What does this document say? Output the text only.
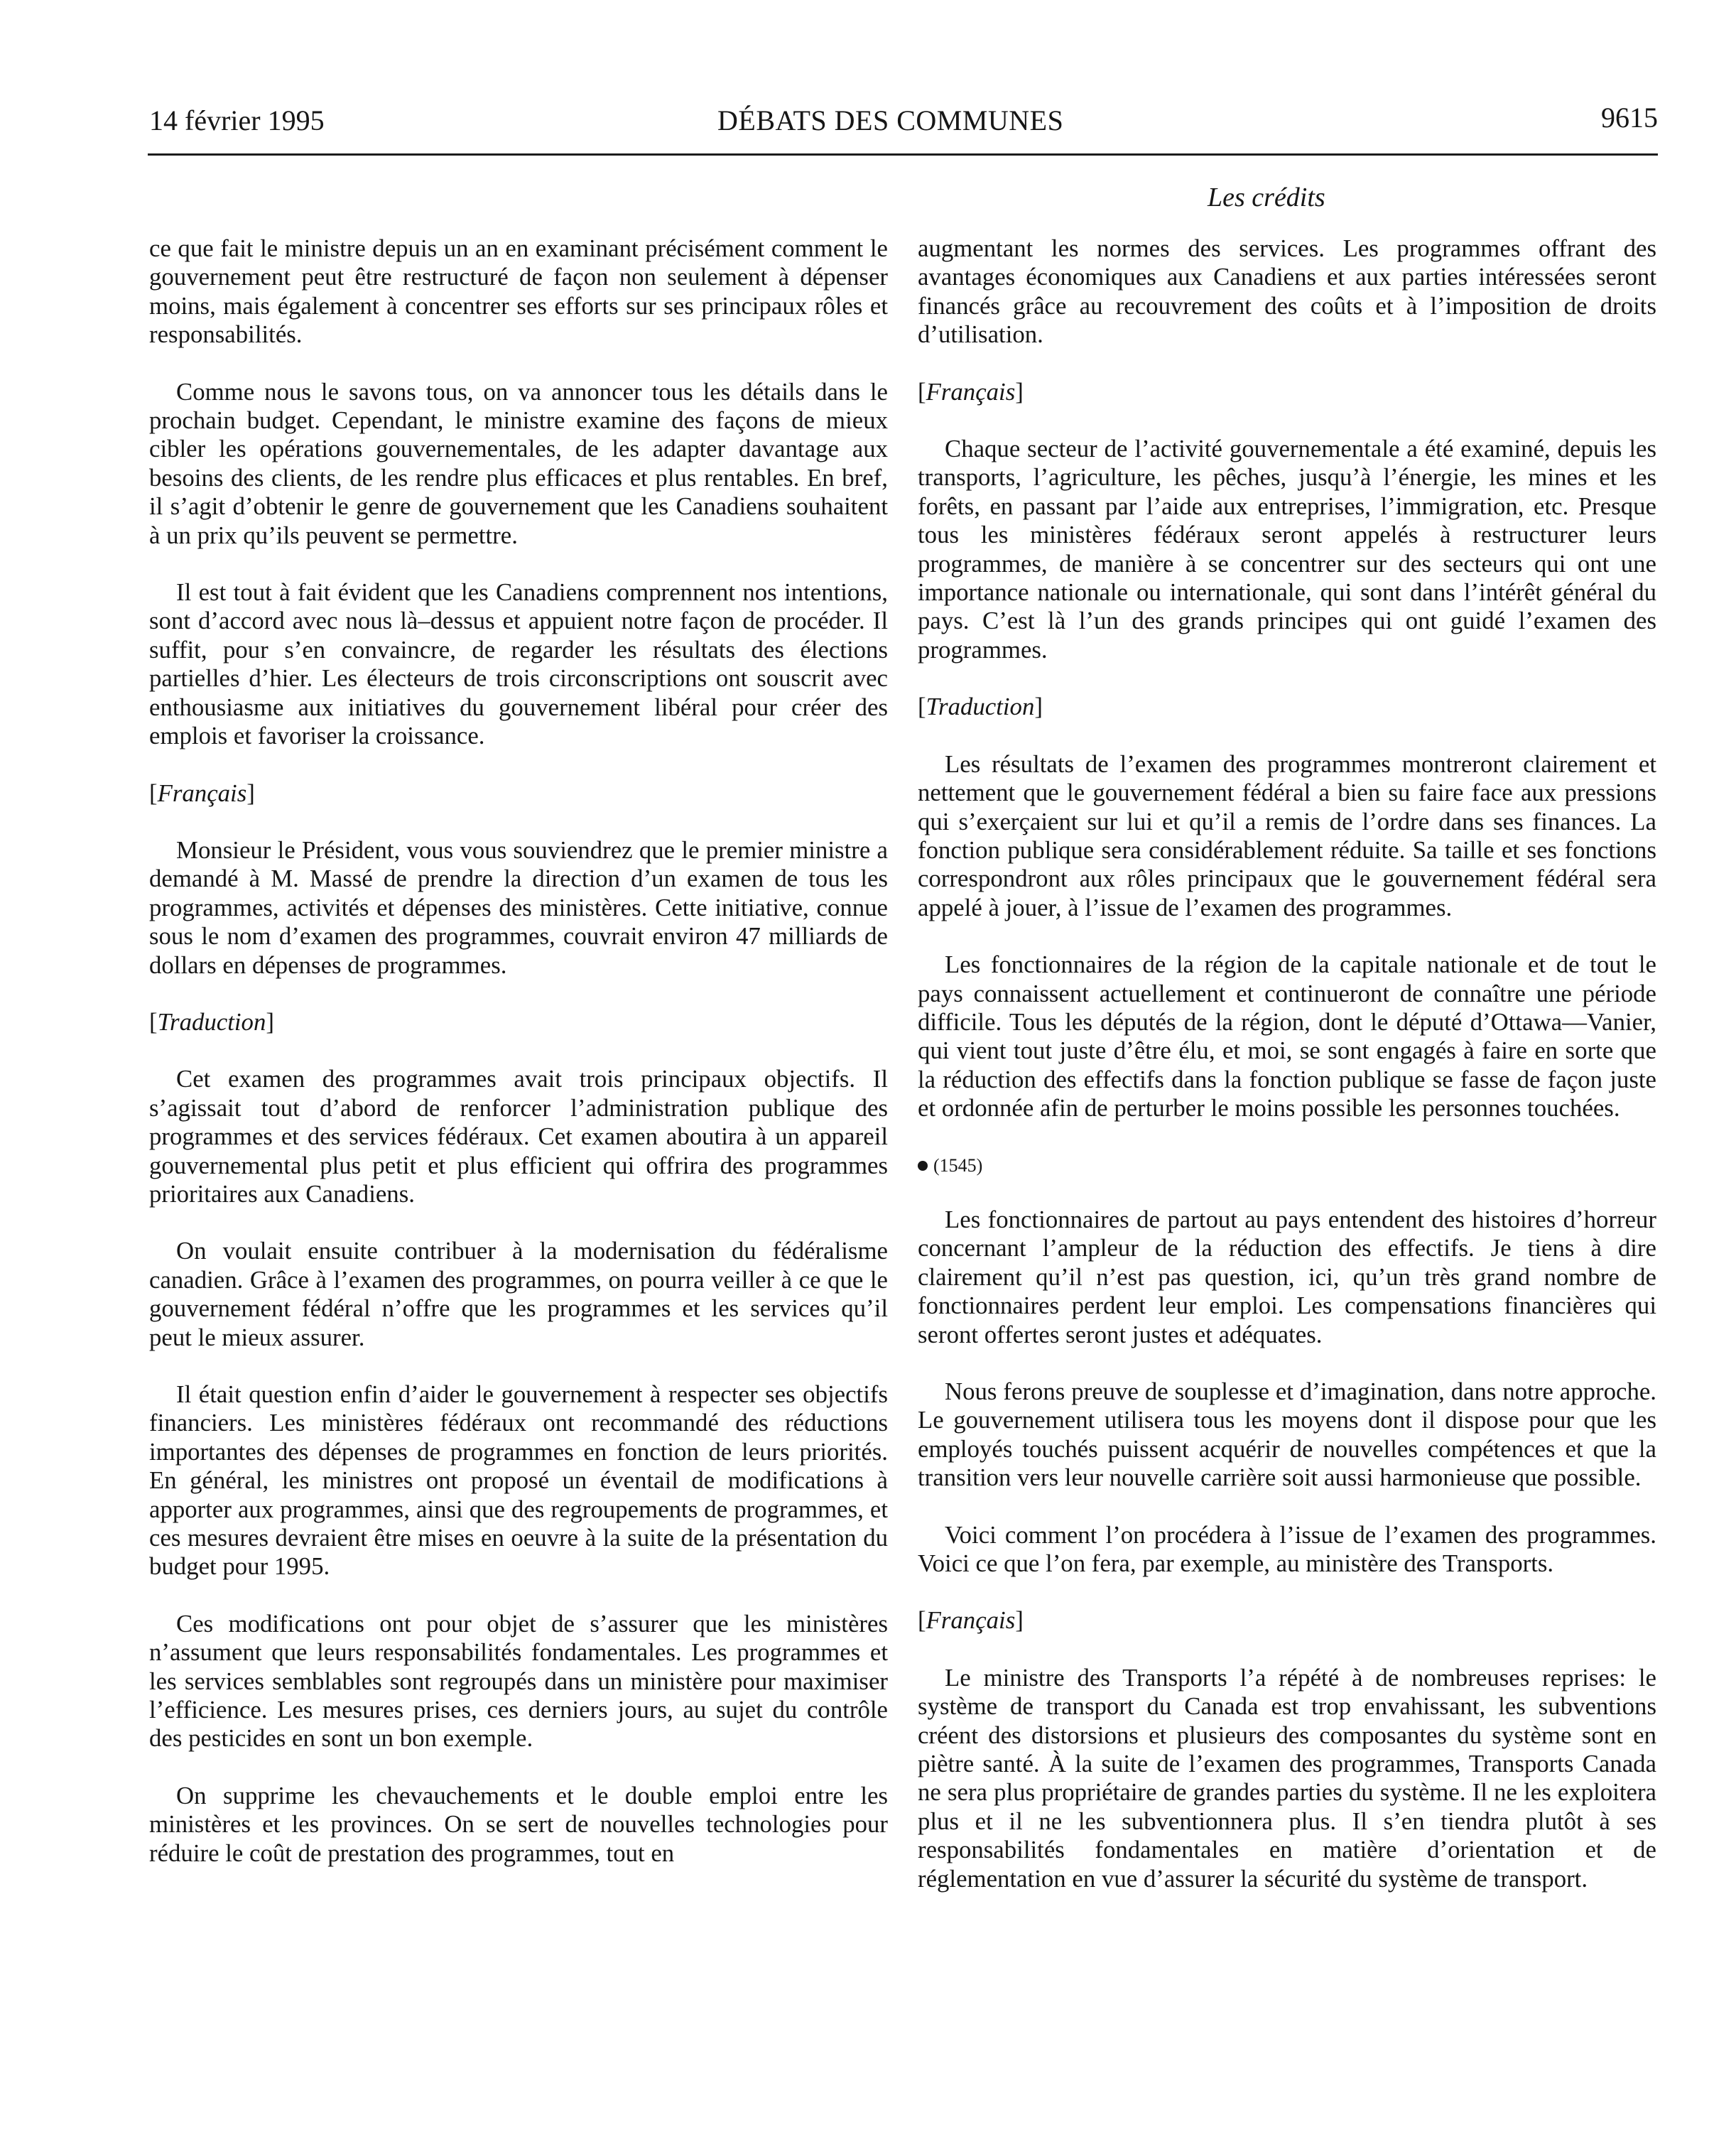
14 février 1995	DÉBATS DES COMMUNES	9615
Les crédits

ce que fait le ministre depuis un an en examinant précisément comment le gouvernement peut être restructuré de façon non seulement à dépenser moins, mais également à concentrer ses efforts sur ses principaux rôles et responsabilités.

Comme nous le savons tous, on va annoncer tous les détails dans le prochain budget. Cependant, le ministre examine des façons de mieux cibler les opérations gouvernementales, de les adapter davantage aux besoins des clients, de les rendre plus efficaces et plus rentables. En bref, il s’agit d’obtenir le genre de gouvernement que les Canadiens souhaitent à un prix qu’ils peuvent se permettre.

Il est tout à fait évident que les Canadiens comprennent nos intentions, sont d’accord avec nous là–dessus et appuient notre façon de procéder. Il suffit, pour s’en convaincre, de regarder les résultats des élections partielles d’hier. Les électeurs de trois circonscriptions ont souscrit avec enthousiasme aux initiatives du gouvernement libéral pour créer des emplois et favoriser la croissance.

[Français]

Monsieur le Président, vous vous souviendrez que le premier ministre a demandé à M. Massé de prendre la direction d’un examen de tous les programmes, activités et dépenses des ministères. Cette initiative, connue sous le nom d’examen des programmes, couvrait environ 47 milliards de dollars en dépenses de programmes.

[Traduction]

Cet examen des programmes avait trois principaux objectifs. Il s’agissait tout d’abord de renforcer l’administration publique des programmes et des services fédéraux. Cet examen aboutira à un appareil gouvernemental plus petit et plus efficient qui offrira des programmes prioritaires aux Canadiens.

On voulait ensuite contribuer à la modernisation du fédéralisme canadien. Grâce à l’examen des programmes, on pourra veiller à ce que le gouvernement fédéral n’offre que les programmes et les services qu’il peut le mieux assurer.

Il était question enfin d’aider le gouvernement à respecter ses objectifs financiers. Les ministères fédéraux ont recommandé des réductions importantes des dépenses de programmes en fonction de leurs priorités. En général, les ministres ont proposé un éventail de modifications à apporter aux programmes, ainsi que des regroupements de programmes, et ces mesures devraient être mises en oeuvre à la suite de la présentation du budget pour 1995.

Ces modifications ont pour objet de s’assurer que les ministères n’assument que leurs responsabilités fondamentales. Les programmes et les services semblables sont regroupés dans un ministère pour maximiser l’efficience. Les mesures prises, ces derniers jours, au sujet du contrôle des pesticides en sont un bon exemple.

On supprime les chevauchements et le double emploi entre les ministères et les provinces. On se sert de nouvelles technologies pour réduire le coût de prestation des programmes, tout en

augmentant les normes des services. Les programmes offrant des avantages économiques aux Canadiens et aux parties intéressées seront financés grâce au recouvrement des coûts et à l’imposition de droits d’utilisation.

[Français]

Chaque secteur de l’activité gouvernementale a été examiné, depuis les transports, l’agriculture, les pêches, jusqu’à l’énergie, les mines et les forêts, en passant par l’aide aux entreprises, l’immigration, etc. Presque tous les ministères fédéraux seront appelés à restructurer leurs programmes, de manière à se concentrer sur des secteurs qui ont une importance nationale ou internationale, qui sont dans l’intérêt général du pays. C’est là l’un des grands principes qui ont guidé l’examen des programmes.

[Traduction]

Les résultats de l’examen des programmes montreront clairement et nettement que le gouvernement fédéral a bien su faire face aux pressions qui s’exerçaient sur lui et qu’il a remis de l’ordre dans ses finances. La fonction publique sera considérablement réduite. Sa taille et ses fonctions correspondront aux rôles principaux que le gouvernement fédéral sera appelé à jouer, à l’issue de l’examen des programmes.

Les fonctionnaires de la région de la capitale nationale et de tout le pays connaissent actuellement et continueront de connaître une période difficile. Tous les députés de la région, dont le député d’Ottawa—Vanier, qui vient tout juste d’être élu, et moi, se sont engagés à faire en sorte que la réduction des effectifs dans la fonction publique se fasse de façon juste et ordonnée afin de perturber le moins possible les personnes touchées.

(1545)

Les fonctionnaires de partout au pays entendent des histoires d’horreur concernant l’ampleur de la réduction des effectifs. Je tiens à dire clairement qu’il n’est pas question, ici, qu’un très grand nombre de fonctionnaires perdent leur emploi. Les compensations financières qui seront offertes seront justes et adéquates.

Nous ferons preuve de souplesse et d’imagination, dans notre approche. Le gouvernement utilisera tous les moyens dont il dispose pour que les employés touchés puissent acquérir de nouvelles compétences et que la transition vers leur nouvelle carrière soit aussi harmonieuse que possible.

Voici comment l’on procédera à l’issue de l’examen des programmes. Voici ce que l’on fera, par exemple, au ministère des Transports.

[Français]

Le ministre des Transports l’a répété à de nombreuses reprises: le système de transport du Canada est trop envahissant, les subventions créent des distorsions et plusieurs des composantes du système sont en piètre santé. À la suite de l’examen des programmes, Transports Canada ne sera plus propriétaire de grandes parties du système. Il ne les exploitera plus et il ne les subventionnera plus. Il s’en tiendra plutôt à ses responsabilités fondamentales en matière d’orientation et de réglementation en vue d’assurer la sécurité du système de transport.
